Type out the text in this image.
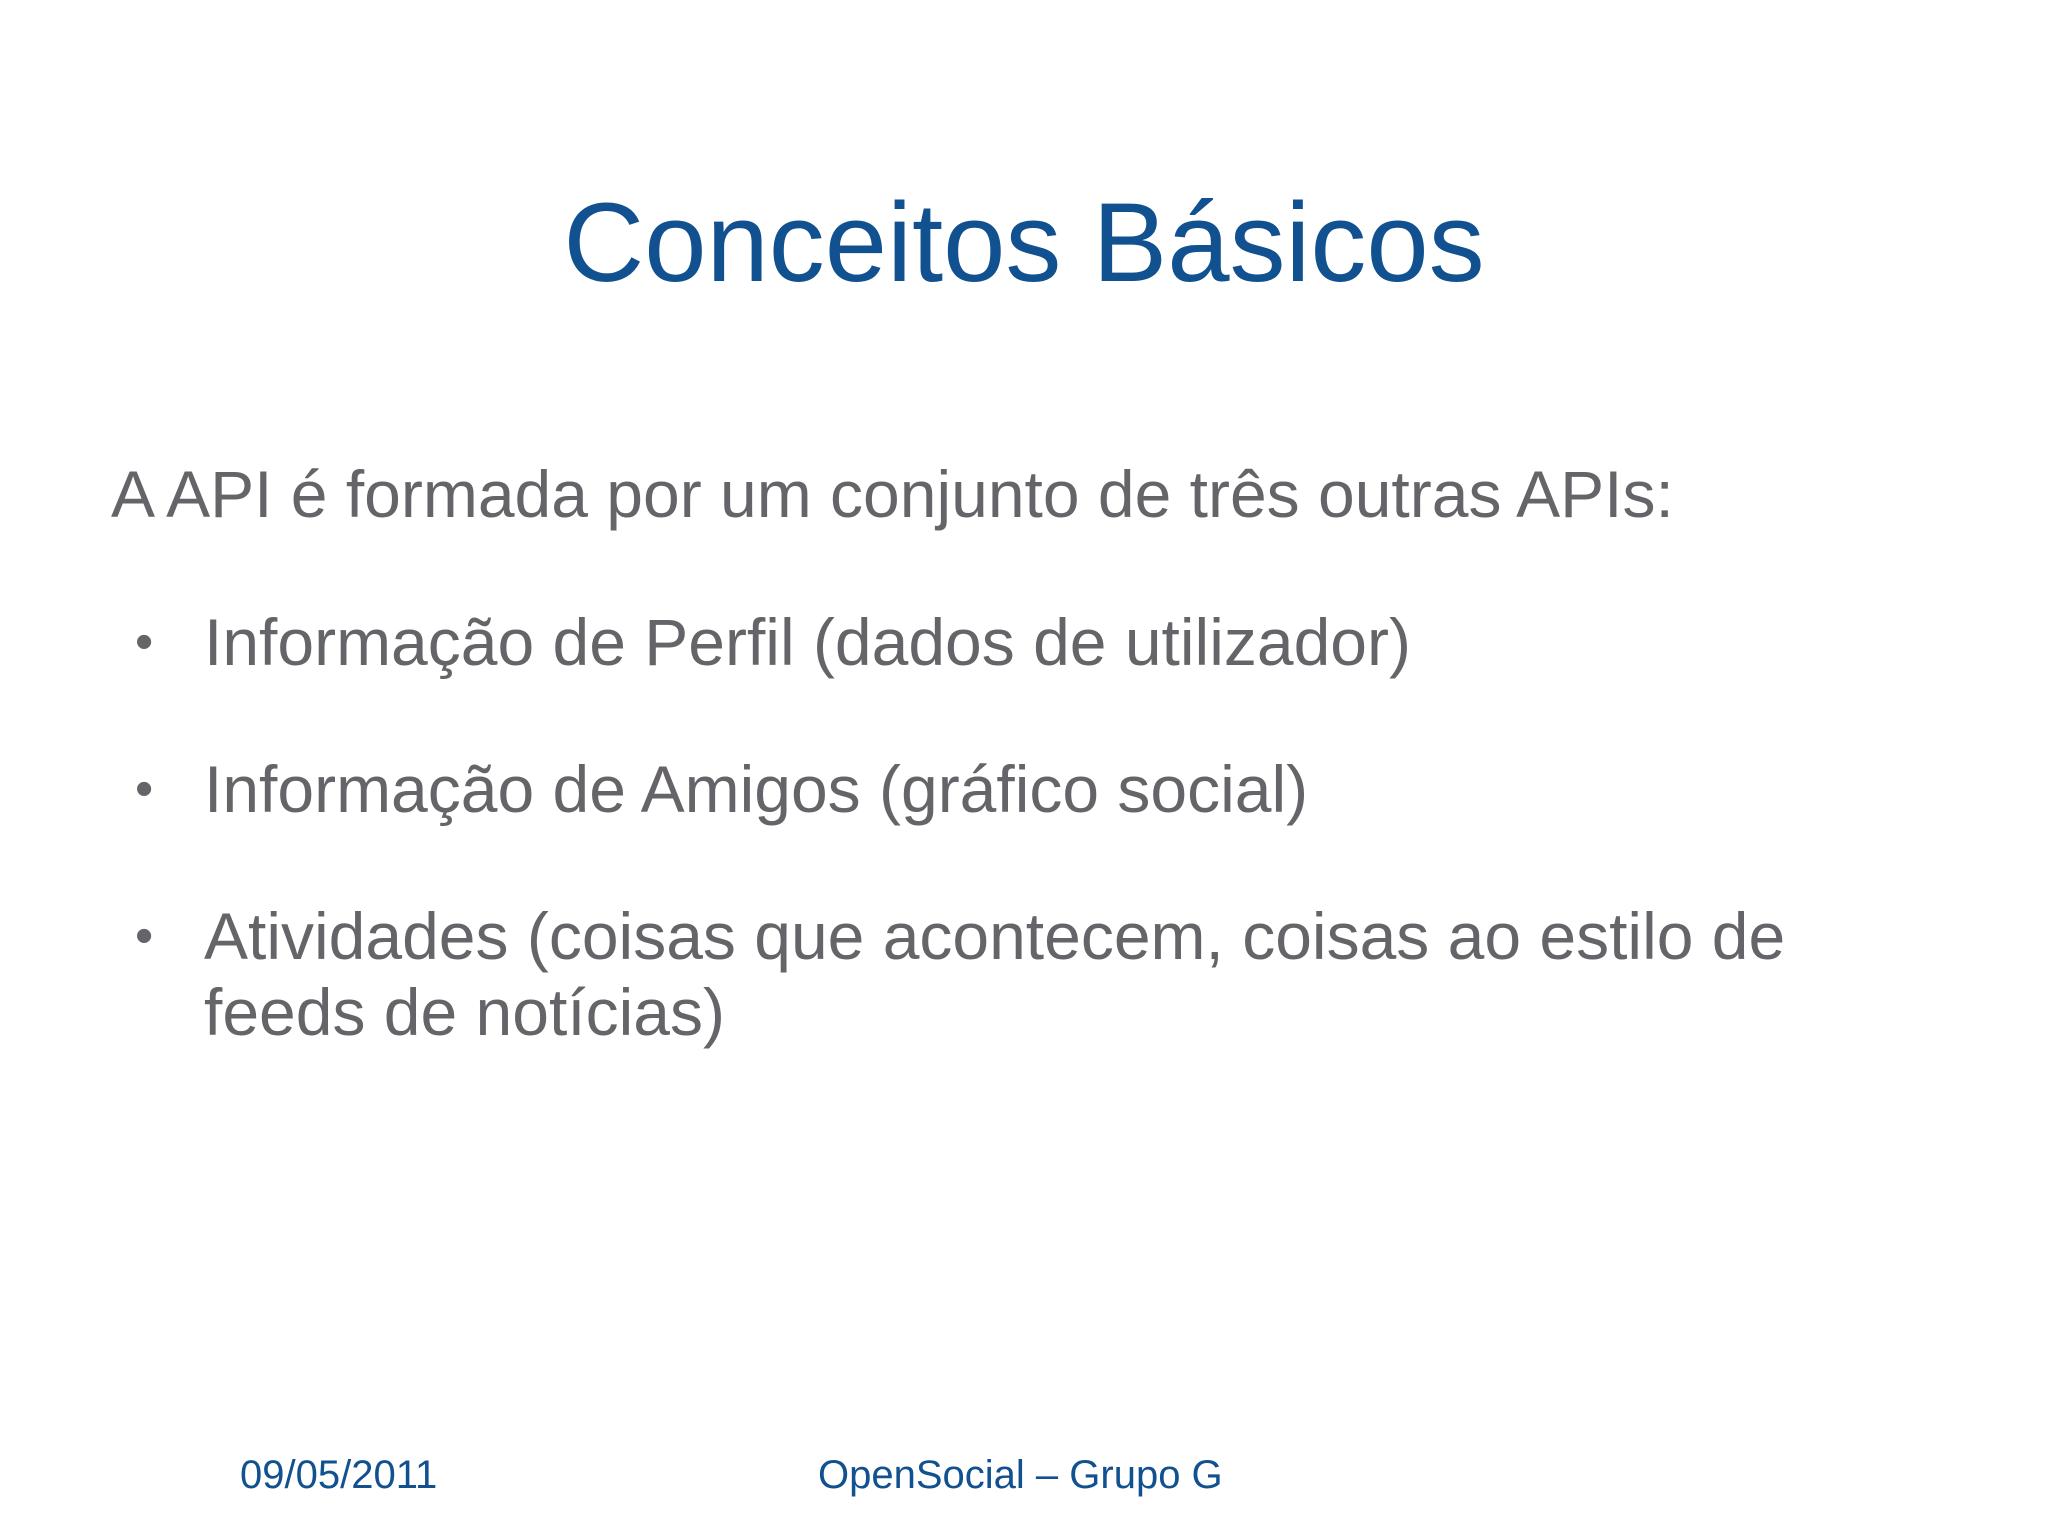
Conceitos Básicos
A API é formada por um conjunto de três outras APIs:
• Informação de Perfil (dados de utilizador)
• Informação de Amigos (gráfico social)
• Atividades (coisas que acontecem, coisas ao estilo de feeds de notícias)
09/05/2011	OpenSocial – Grupo G
